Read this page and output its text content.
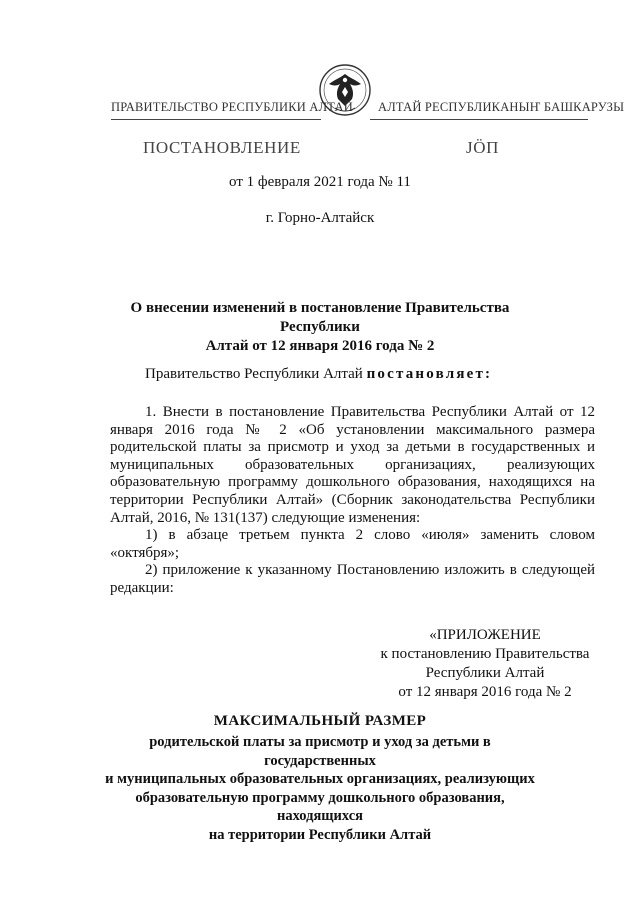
ПРАВИТЕЛЬСТВО РЕСПУБЛИКИ АЛТАЙ АЛТАЙ РЕСПУБЛИКАНЫҤ БАШКАРУЗЫ
ПОСТАНОВЛЕНИЕ	ЈӦП
от 1 февраля 2021 года № 11
г. Горно-Алтайск
О внесении изменений в постановление Правительства Республики
Алтай от 12 января 2016 года № 2
Правительство Республики Алтай постановляет:

1. Внести в постановление Правительства Республики Алтай от 12 января 2016 года № 2 «Об установлении максимального размера родительской платы за присмотр и уход за детьми в государственных и муниципальных образовательных организациях, реализующих образовательную программу дошкольного образования, находящихся на территории Республики Алтай» (Сборник законодательства Республики Алтай, 2016, № 131(137) следующие изменения:

1) в абзаце третьем пункта 2 слово «июля» заменить словом «октября»;

2) приложение к указанному Постановлению изложить в следующей редакции:

«ПРИЛОЖЕНИЕ
к постановлению Правительства
Республики Алтай
от 12 января 2016 года № 2
МАКСИМАЛЬНЫЙ РАЗМЕР
родительской платы за присмотр и уход за детьми в государственных
и муниципальных образовательных организациях, реализующих
образовательную программу дошкольного образования, находящихся
на территории Республики Алтай
